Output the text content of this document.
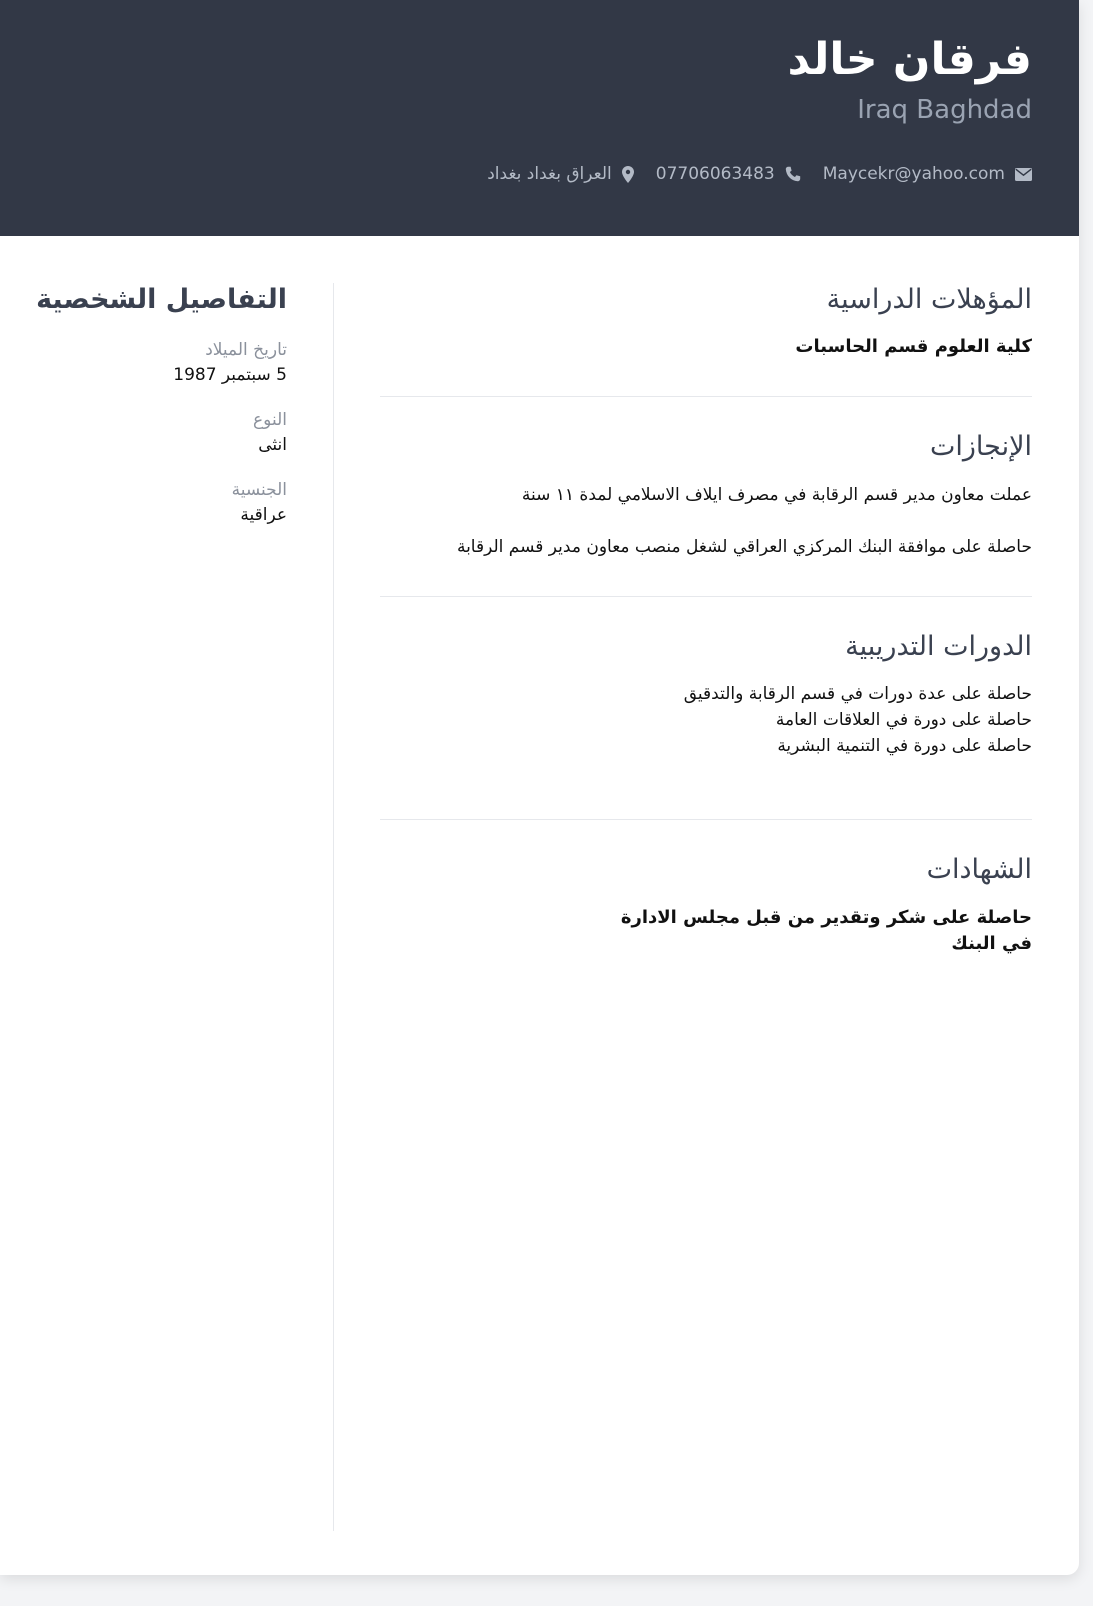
فرقان خالد
Iraq Baghdad
Maycekr@yahoo.com
07706063483
العراق بغداد بغداد
المؤهلات الدراسية
كلية العلوم قسم الحاسبات
الإنجازات
عملت معاون مدير قسم الرقابة في مصرف ايلاف الاسلامي لمدة ١١ سنة
حاصلة على موافقة البنك المركزي العراقي لشغل منصب معاون مدير قسم الرقابة
الدورات التدريبية
حاصلة على عدة دورات في قسم الرقابة والتدقيق
حاصلة على دورة في العلاقات العامة
حاصلة على دورة في التنمية البشرية
الشهادات
حاصلة على شكر وتقدير من قبل مجلس الادارة
في البنك
التفاصيل الشخصية
تاريخ الميلاد
5 سبتمبر 1987
النوع
انثى
الجنسية
عراقية
